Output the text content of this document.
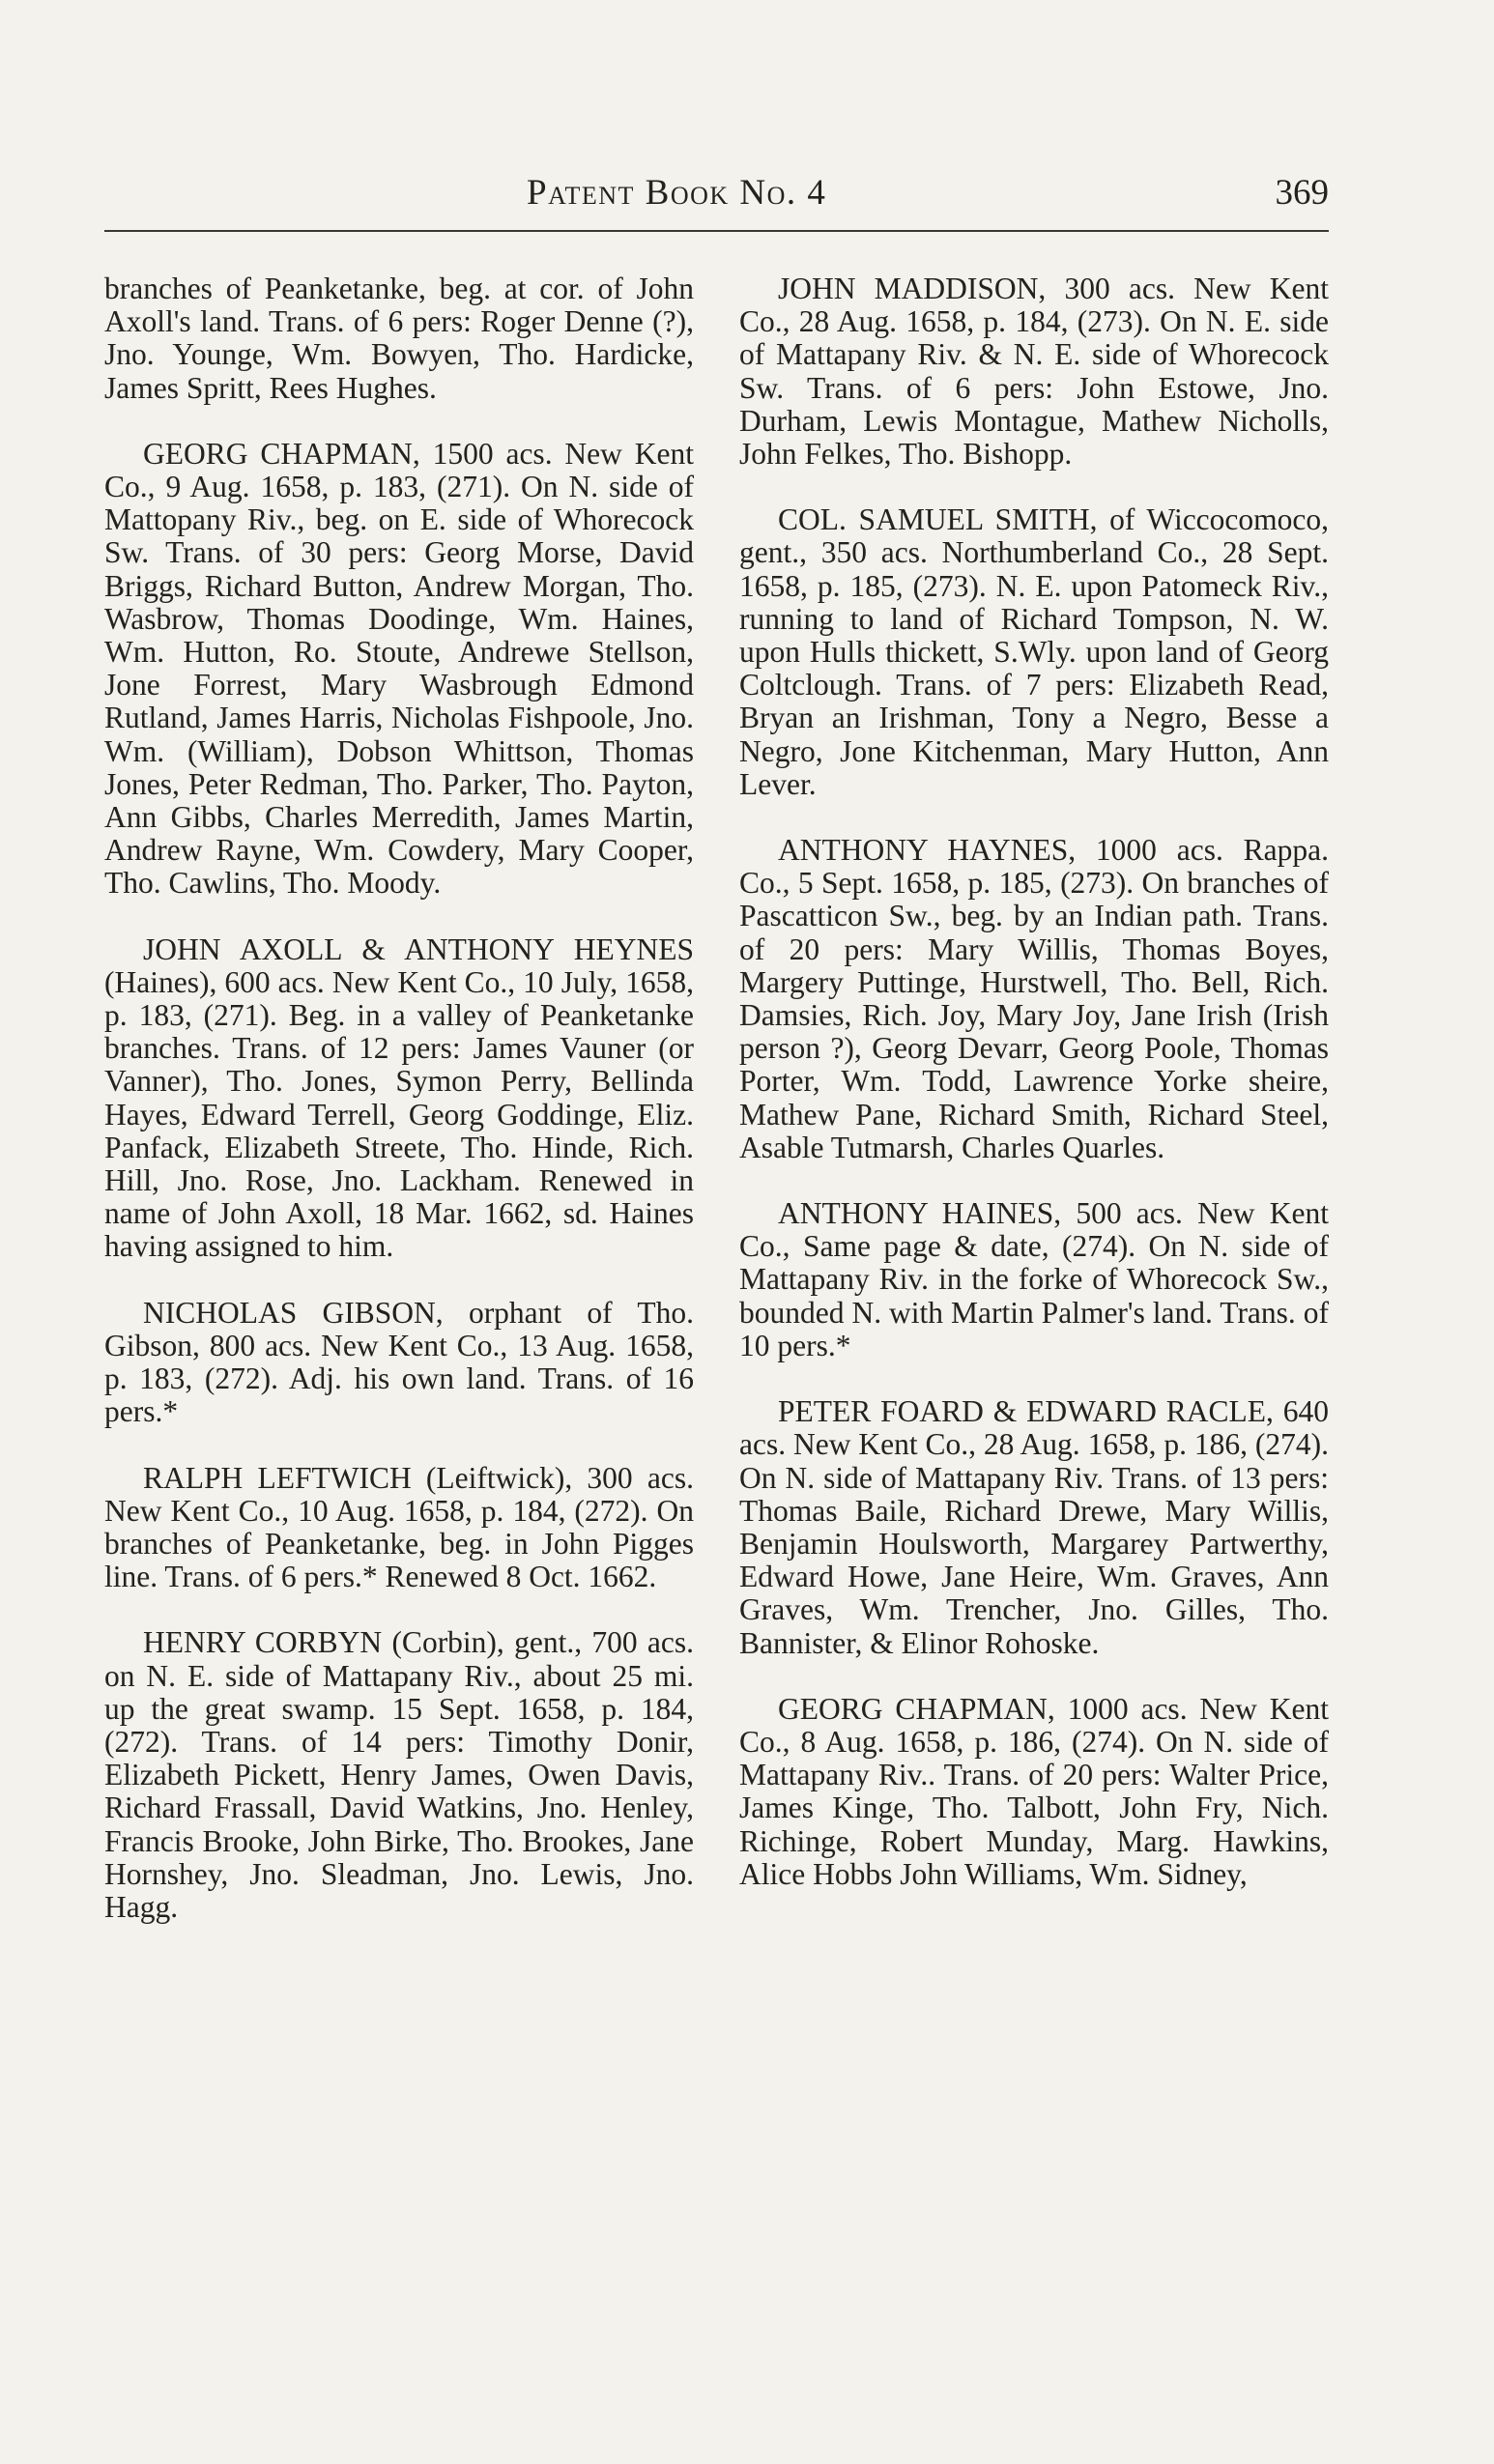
Patent Book No. 4	369

branches of Peanketanke, beg. at cor. of John Axoll's land. Trans. of 6 pers: Roger Denne (?), Jno. Younge, Wm. Bowyen, Tho. Hardicke, James Spritt, Rees Hughes.

GEORG CHAPMAN, 1500 acs. New Kent Co., 9 Aug. 1658, p. 183, (271). On N. side of Mattopany Riv., beg. on E. side of Whorecock Sw. Trans. of 30 pers: Georg Morse, David Briggs, Richard Button, Andrew Morgan, Tho. Wasbrow, Thomas Doodinge, Wm. Haines, Wm. Hutton, Ro. Stoute, Andrewe Stellson, Jone Forrest, Mary Wasbrough Edmond Rutland, James Harris, Nicholas Fishpoole, Jno. Wm. (William), Dobson Whittson, Thomas Jones, Peter Redman, Tho. Parker, Tho. Payton, Ann Gibbs, Charles Merredith, James Martin, Andrew Rayne, Wm. Cowdery, Mary Cooper, Tho. Cawlins, Tho. Moody.

JOHN AXOLL & ANTHONY HEYNES (Haines), 600 acs. New Kent Co., 10 July, 1658, p. 183, (271). Beg. in a valley of Peanketanke branches. Trans. of 12 pers: James Vauner (or Vanner), Tho. Jones, Symon Perry, Bellinda Hayes, Edward Terrell, Georg Goddinge, Eliz. Panfack, Elizabeth Streete, Tho. Hinde, Rich. Hill, Jno. Rose, Jno. Lackham. Renewed in name of John Axoll, 18 Mar. 1662, sd. Haines having assigned to him.

NICHOLAS GIBSON, orphant of Tho. Gibson, 800 acs. New Kent Co., 13 Aug. 1658, p. 183, (272). Adj. his own land. Trans. of 16 pers.*

RALPH LEFTWICH (Leiftwick), 300 acs. New Kent Co., 10 Aug. 1658, p. 184, (272). On branches of Peanketanke, beg. in John Pigges line. Trans. of 6 pers.* Renewed 8 Oct. 1662.

HENRY CORBYN (Corbin), gent., 700 acs. on N. E. side of Mattapany Riv., about 25 mi. up the great swamp. 15 Sept. 1658, p. 184, (272). Trans. of 14 pers: Timothy Donir, Elizabeth Pickett, Henry James, Owen Davis, Richard Frassall, David Watkins, Jno. Henley, Francis Brooke, John Birke, Tho. Brookes, Jane Hornshey, Jno. Sleadman, Jno. Lewis, Jno. Hagg.

JOHN MADDISON, 300 acs. New Kent Co., 28 Aug. 1658, p. 184, (273). On N. E. side of Mattapany Riv. & N. E. side of Whorecock Sw. Trans. of 6 pers: John Estowe, Jno. Durham, Lewis Montague, Mathew Nicholls, John Felkes, Tho. Bishopp.

COL. SAMUEL SMITH, of Wiccocomoco, gent., 350 acs. Northumberland Co., 28 Sept. 1658, p. 185, (273). N. E. upon Patomeck Riv., running to land of Richard Tompson, N. W. upon Hulls thickett, S.Wly. upon land of Georg Coltclough. Trans. of 7 pers: Elizabeth Read, Bryan an Irishman, Tony a Negro, Besse a Negro, Jone Kitchenman, Mary Hutton, Ann Lever.

ANTHONY HAYNES, 1000 acs. Rappa. Co., 5 Sept. 1658, p. 185, (273). On branches of Pascatticon Sw., beg. by an Indian path. Trans. of 20 pers: Mary Willis, Thomas Boyes, Margery Puttinge, Hurstwell, Tho. Bell, Rich. Damsies, Rich. Joy, Mary Joy, Jane Irish (Irish person ?), Georg Devarr, Georg Poole, Thomas Porter, Wm. Todd, Lawrence Yorke sheire, Mathew Pane, Richard Smith, Richard Steel, Asable Tutmarsh, Charles Quarles.

ANTHONY HAINES, 500 acs. New Kent Co., Same page & date, (274). On N. side of Mattapany Riv. in the forke of Whorecock Sw., bounded N. with Martin Palmer's land. Trans. of 10 pers.*

PETER FOARD & EDWARD RACLE, 640 acs. New Kent Co., 28 Aug. 1658, p. 186, (274). On N. side of Mattapany Riv. Trans. of 13 pers: Thomas Baile, Richard Drewe, Mary Willis, Benjamin Houlsworth, Margarey Partwerthy, Edward Howe, Jane Heire, Wm. Graves, Ann Graves, Wm. Trencher, Jno. Gilles, Tho. Bannister, & Elinor Rohoske.

GEORG CHAPMAN, 1000 acs. New Kent Co., 8 Aug. 1658, p. 186, (274). On N. side of Mattapany Riv.. Trans. of 20 pers: Walter Price, James Kinge, Tho. Talbott, John Fry, Nich. Richinge, Robert Munday, Marg. Hawkins, Alice Hobbs John Williams, Wm. Sidney,
